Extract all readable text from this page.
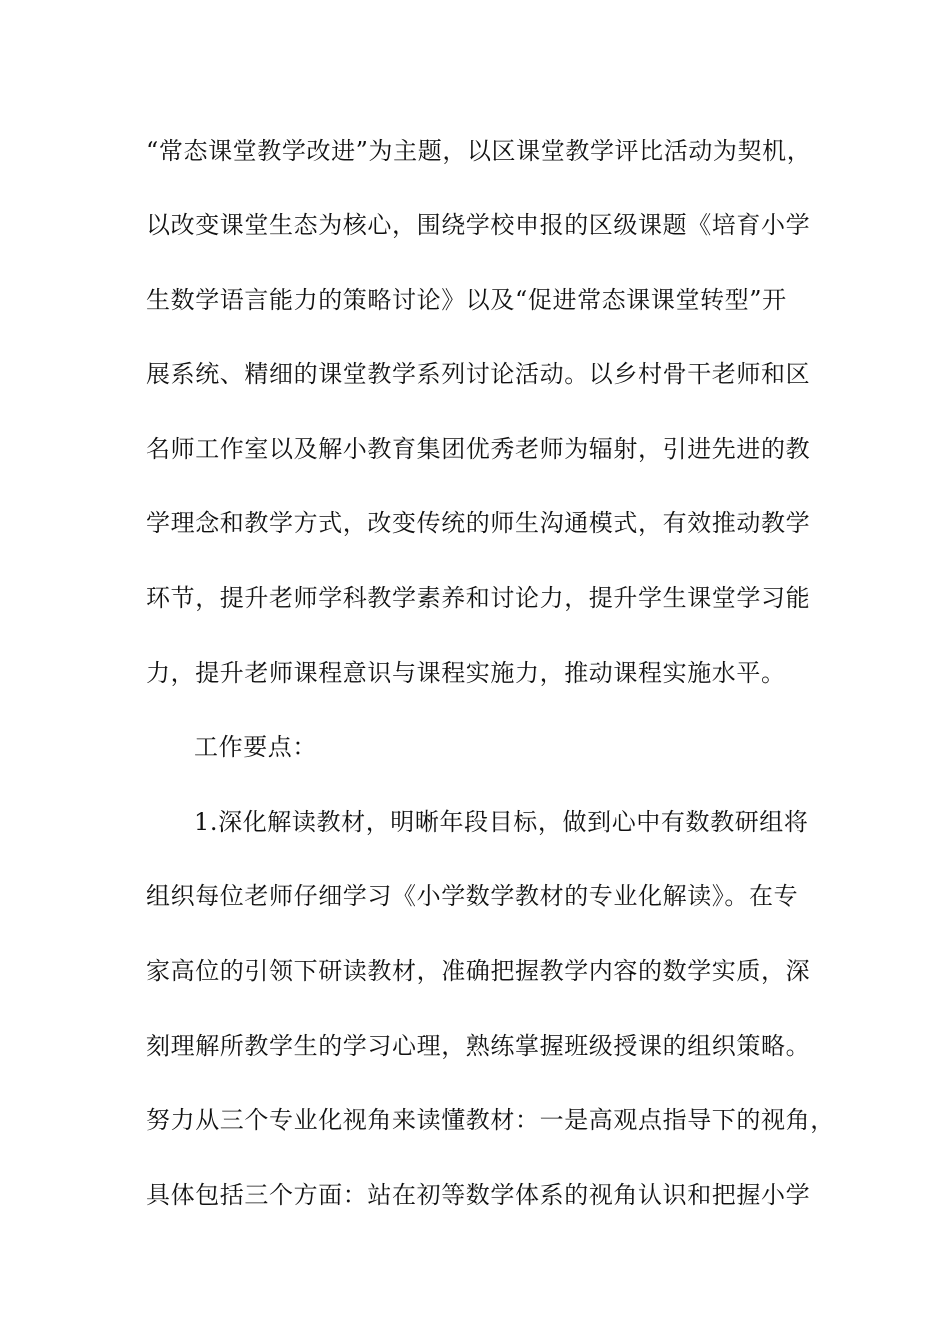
“常态课堂教学改进”为主题，以区课堂教学评比活动为契机，
以改变课堂生态为核心，围绕学校申报的区级课题《培育小学
生数学语言能力的策略讨论》以及“促进常态课课堂转型”开
展系统、精细的课堂教学系列讨论活动。以乡村骨干老师和区
名师工作室以及解小教育集团优秀老师为辐射，引进先进的教
学理念和教学方式，改变传统的师生沟通模式，有效推动教学
环节，提升老师学科教学素养和讨论力，提升学生课堂学习能
力，提升老师课程意识与课程实施力，推动课程实施水平。
工作要点：
1.深化解读教材，明晰年段目标，做到心中有数教研组将
组织每位老师仔细学习《小学数学教材的专业化解读》。在专
家高位的引领下研读教材，准确把握教学内容的数学实质，深
刻理解所教学生的学习心理，熟练掌握班级授课的组织策略。
努力从三个专业化视角来读懂教材：一是高观点指导下的视角，
具体包括三个方面：站在初等数学体系的视角认识和把握小学
